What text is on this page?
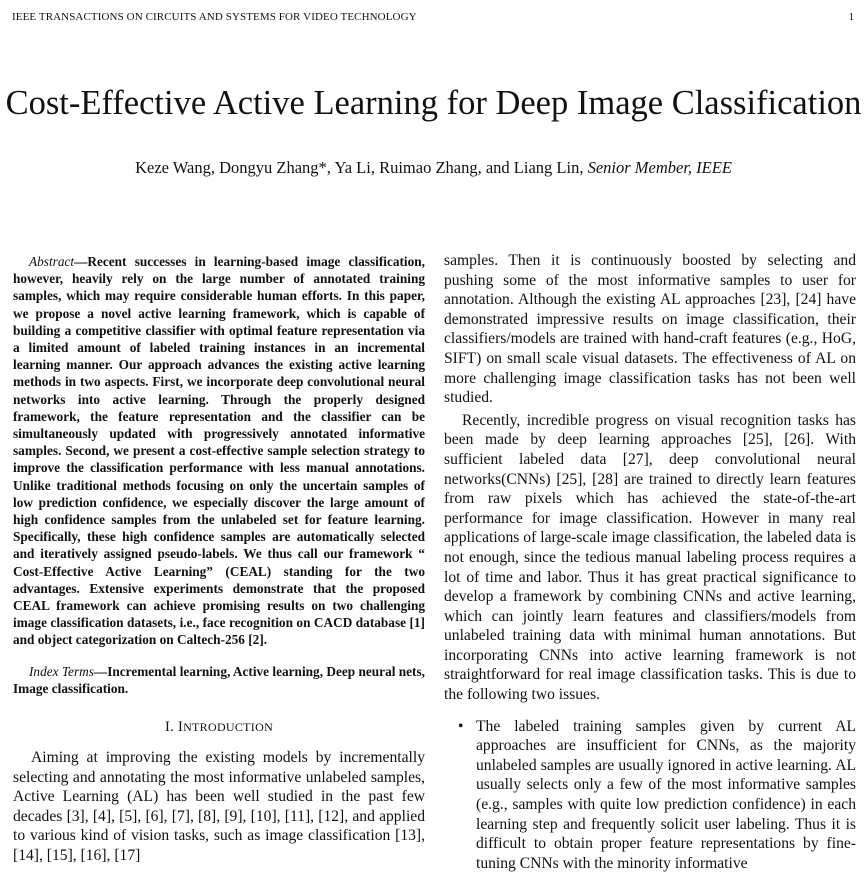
IEEE TRANSACTIONS ON CIRCUITS AND SYSTEMS FOR VIDEO TECHNOLOGY	1
Cost-Effective Active Learning for Deep Image Classification
Keze Wang, Dongyu Zhang*, Ya Li, Ruimao Zhang, and Liang Lin, Senior Member, IEEE

Abstract—Recent successes in learning-based image classification, however, heavily rely on the large number of annotated training samples, which may require considerable human efforts. In this paper, we propose a novel active learning framework, which is capable of building a competitive classifier with optimal feature representation via a limited amount of labeled training instances in an incremental learning manner. Our approach advances the existing active learning methods in two aspects. First, we incorporate deep convolutional neural networks into active learning. Through the properly designed framework, the feature representation and the classifier can be simultaneously updated with progressively annotated informative samples. Second, we present a cost-effective sample selection strategy to improve the classification performance with less manual annotations. Unlike traditional methods focusing on only the uncertain samples of low prediction confidence, we especially discover the large amount of high confidence samples from the unlabeled set for feature learning. Specifically, these high confidence samples are automatically selected and iteratively assigned pseudo-labels. We thus call our framework “ Cost-Effective Active Learning” (CEAL) standing for the two advantages. Extensive experiments demonstrate that the proposed CEAL framework can achieve promising results on two challenging image classification datasets, i.e., face recognition on CACD database [1] and object categorization on Caltech-256 [2].

Index Terms—Incremental learning, Active learning, Deep neural nets, Image classification.

I. INTRODUCTION

Aiming at improving the existing models by incrementally selecting and annotating the most informative unlabeled samples, Active Learning (AL) has been well studied in the past few decades [3], [4], [5], [6], [7], [8], [9], [10], [11], [12], and applied to various kind of vision tasks, such as image classification [13], [14], [15], [16], [17]

samples. Then it is continuously boosted by selecting and pushing some of the most informative samples to user for annotation. Although the existing AL approaches [23], [24] have demonstrated impressive results on image classification, their classifiers/models are trained with hand-craft features (e.g., HoG, SIFT) on small scale visual datasets. The effectiveness of AL on more challenging image classification tasks has not been well studied.

Recently, incredible progress on visual recognition tasks has been made by deep learning approaches [25], [26]. With sufficient labeled data [27], deep convolutional neural networks(CNNs) [25], [28] are trained to directly learn features from raw pixels which has achieved the state-of-the-art performance for image classification. However in many real applications of large-scale image classification, the labeled data is not enough, since the tedious manual labeling process requires a lot of time and labor. Thus it has great practical significance to develop a framework by combining CNNs and active learning, which can jointly learn features and classifiers/models from unlabeled training data with minimal human annotations. But incorporating CNNs into active learning framework is not straightforward for real image classification tasks. This is due to the following two issues.

• The labeled training samples given by current AL approaches are insufficient for CNNs, as the majority unlabeled samples are usually ignored in active learning. AL usually selects only a few of the most informative samples (e.g., samples with quite low prediction confidence) in each learning step and frequently solicit user labeling. Thus it is difficult to obtain proper feature representations by fine-tuning CNNs with the minority informative
